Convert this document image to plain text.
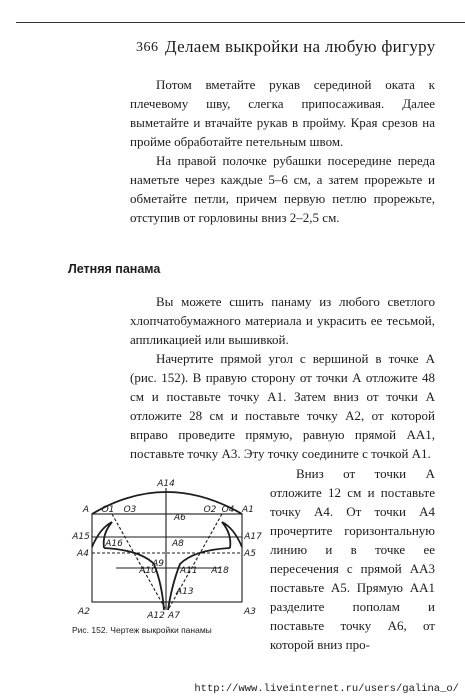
366 Делаем выкройки на любую фигуру

Потом вметайте рукав серединой оката к плечевому шву, слегка припосаживая. Далее выметайте и втачайте рукав в пройму. Края срезов на пройме обработайте петельным швом.

На правой полочке рубашки посередине переда наметьте через каждые 5–6 см, а затем прорежьте и обметайте петли, причем первую петлю прорежьте, отступив от горловины вниз 2–2,5 см.

Летняя панама

Вы можете сшить панаму из любого светлого хлопчатобумажного материала и украсить ее тесьмой, аппликацией или вышивкой.

Начертите прямой угол с вершиной в точке А (рис. 152). В правую сторону от точки А отложите 48 см и поставьте точку А1. Затем вниз от точки А отложите 28 см и поставьте точку А2, от которой вправо проведите прямую, равную прямой АА1, поставьте точку А3. Эту точку соедините с точкой А1.

Вниз от точки А отложите 12 см и поставьте точку А4. От точки А4 прочертите горизонтальную линию и в точке ее пересечения с прямой АА3 поставьте А5. Прямую АА1 разделите пополам и поставьте точку А6, от которой вниз про-

А14
А О1 О3
А6
О2 О4 А1
А15
А16	А8
А17
А4	А5
А10
А9
А11 А18
А13
А2	А12 А7	А3
Рис. 152. Чертеж выкройки панамы
http://www.liveinternet.ru/users/galina_o/
